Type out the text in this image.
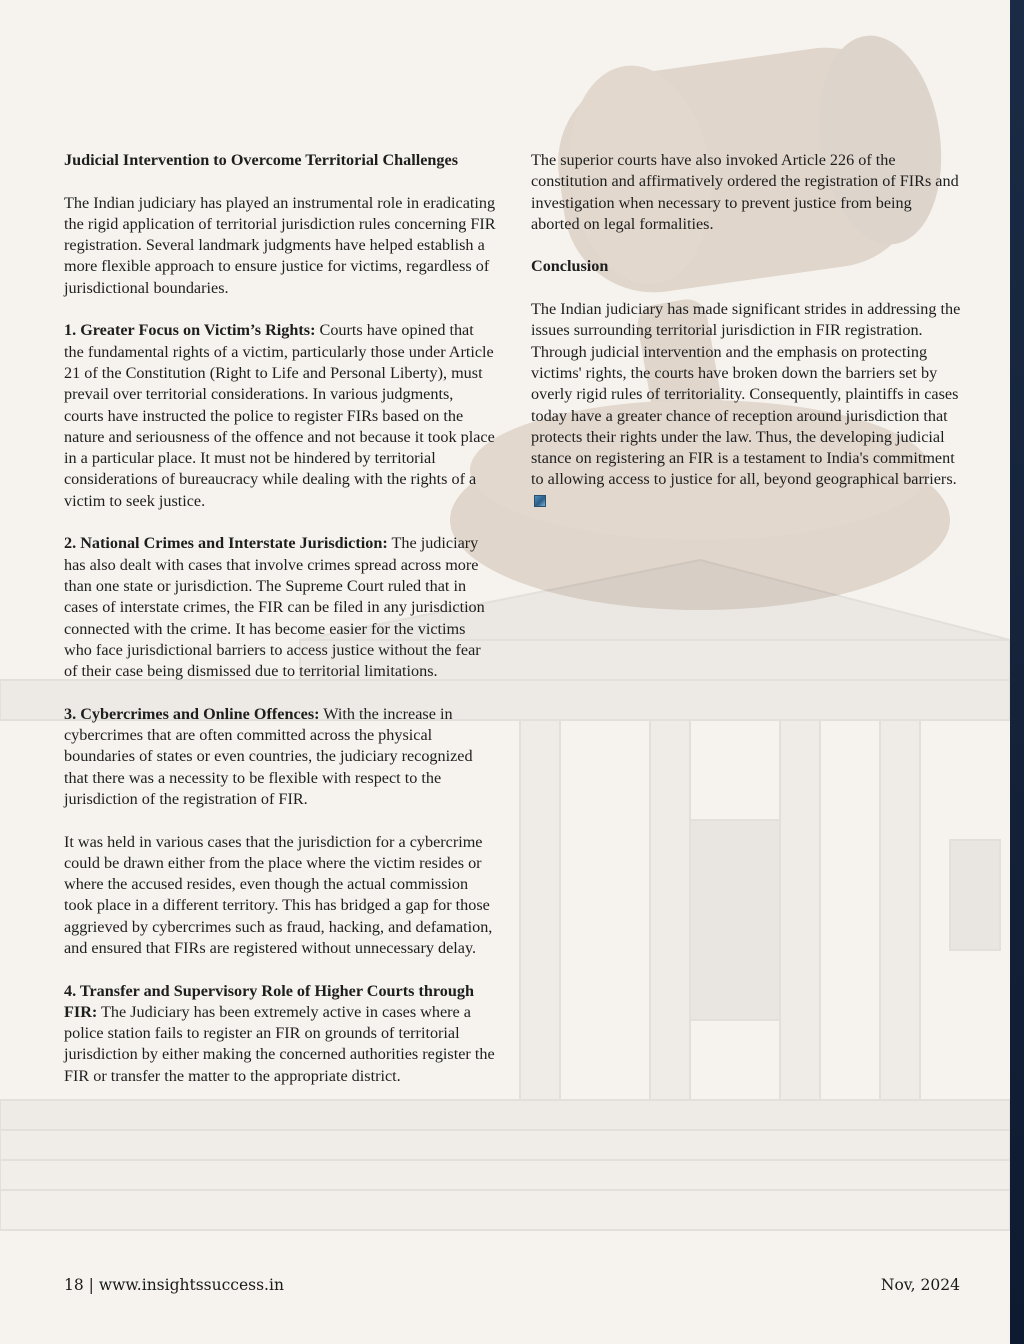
Judicial Intervention to Overcome Territorial Challenges

The Indian judiciary has played an instrumental role in eradicating the rigid application of territorial jurisdiction rules concerning FIR registration. Several landmark judgments have helped establish a more flexible approach to ensure justice for victims, regardless of jurisdictional boundaries.

1. Greater Focus on Victim’s Rights: Courts have opined that the fundamental rights of a victim, particularly those under Article 21 of the Constitution (Right to Life and Personal Liberty), must prevail over territorial considerations. In various judgments, courts have instructed the police to register FIRs based on the nature and seriousness of the offence and not because it took place in a particular place. It must not be hindered by territorial considerations of bureaucracy while dealing with the rights of a victim to seek justice.

2. National Crimes and Interstate Jurisdiction: The judiciary has also dealt with cases that involve crimes spread across more than one state or jurisdiction. The Supreme Court ruled that in cases of interstate crimes, the FIR can be filed in any jurisdiction connected with the crime. It has become easier for the victims who face jurisdictional barriers to access justice without the fear of their case being dismissed due to territorial limitations.

3. Cybercrimes and Online Offences: With the increase in cybercrimes that are often committed across the physical boundaries of states or even countries, the judiciary recognized that there was a necessity to be flexible with respect to the jurisdiction of the registration of FIR.

It was held in various cases that the jurisdiction for a cybercrime could be drawn either from the place where the victim resides or where the accused resides, even though the actual commission took place in a different territory. This has bridged a gap for those aggrieved by cybercrimes such as fraud, hacking, and defamation, and ensured that FIRs are registered without unnecessary delay.

4. Transfer and Supervisory Role of Higher Courts through FIR: The Judiciary has been extremely active in cases where a police station fails to register an FIR on grounds of territorial jurisdiction by either making the concerned authorities register the FIR or transfer the matter to the appropriate district.

The superior courts have also invoked Article 226 of the constitution and affirmatively ordered the registration of FIRs and investigation when necessary to prevent justice from being aborted on legal formalities.

Conclusion

The Indian judiciary has made significant strides in addressing the issues surrounding territorial jurisdiction in FIR registration. Through judicial intervention and the emphasis on protecting victims' rights, the courts have broken down the barriers set by overly rigid rules of territoriality. Consequently, plaintiffs in cases today have a greater chance of reception around jurisdiction that protects their rights under the law. Thus, the developing judicial stance on registering an FIR is a testament to India's commitment to allowing access to justice for all, beyond geographical barriers.

18 | www.insightssuccess.in	Nov, 2024
